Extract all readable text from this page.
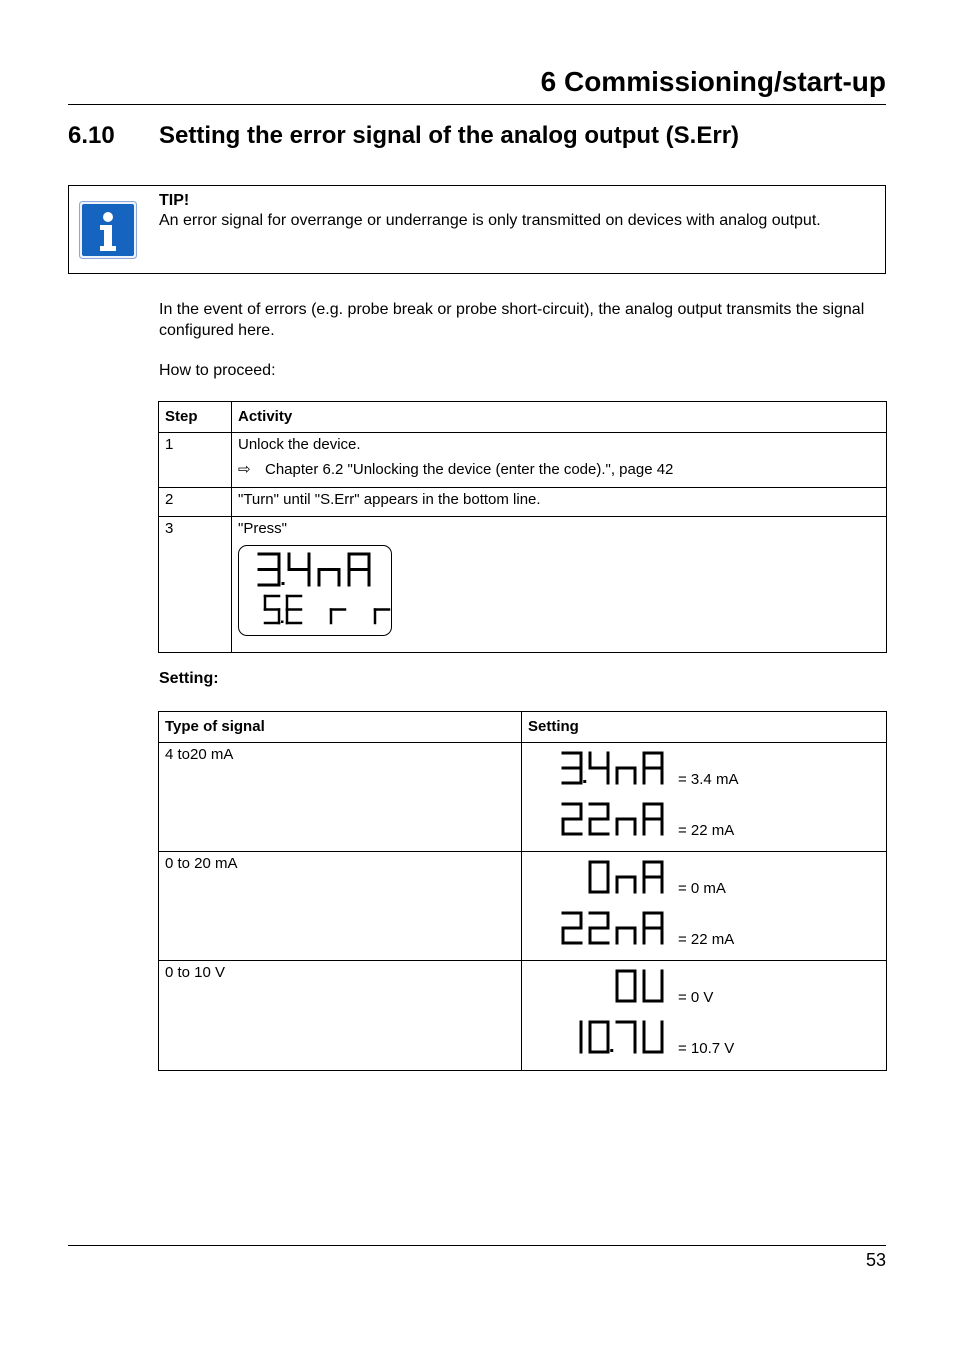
6 Commissioning/start-up
6.10 Setting the error signal of the analog output (S.Err)
TIP!
An error signal for overrange or underrange is only transmitted on devices with analog output.

In the event of errors (e.g. probe break or probe short-circuit), the analog output transmits the signal configured here.

How to proceed:

Step	Activity
1	Unlock the device.
⇨ Chapter 6.2 "Unlocking the device (enter the code).", page 42

2	"Turn" until "S.Err" appears in the bottom line.
3	"Press"
Setting:
Type of signal	Setting
4 to20 mA	= 3.4 mA
= 22 mA

0 to 20 mA	= 0 mA
= 22 mA

0 to 10 V	= 0 V
= 10.7 V
53
